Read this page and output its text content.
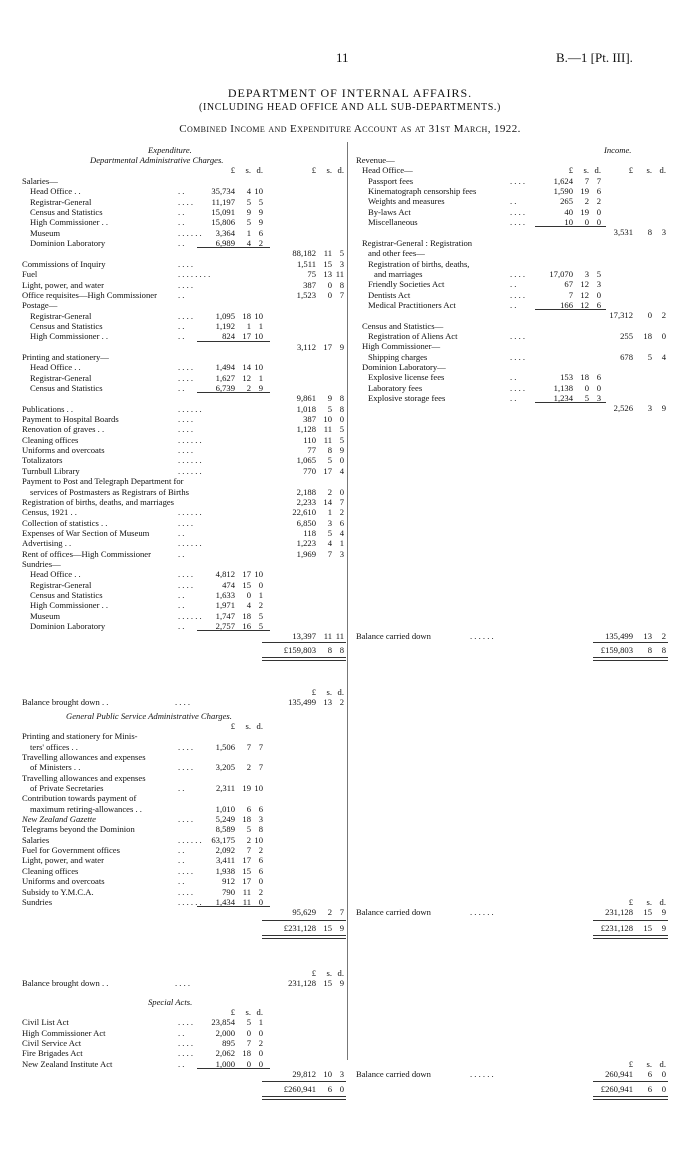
11	B.—1 [Pt. III].
DEPARTMENT OF INTERNAL AFFAIRS.
(INCLUDING HEAD OFFICE AND ALL SUB-DEPARTMENTS.)
Combined Income and Expenditure Account as at 31st March, 1922.
Expenditure.
Departmental Administrative Charges.
£ s. d.	£ s. d.
Salaries—
Head Office . .	. .	35,734 4 10
Registrar-General	. . . . 11,197 5 5
Census and Statistics	. .	15,091 9 9
High Commissioner . .	. .	15,806 5 9
Museum	. . . . . . 3,364 1 6
Dominion Laboratory	. .	6,989 4 2
88,182 11 5
Commissions of Inquiry	. . . .	1,511 15 3
Fuel	. . . . . . . .	75 13 11
Light, power, and water	. . . .	387 0 8
Office requisites—High Commissioner . .	1,523 0 7
Postage—
Registrar-General	. . . .	1,095 18 10
Census and Statistics	. .	1,192 1 1
High Commissioner . .	. .	824 17 10
3,112 17 9
Printing and stationery—
Head Office . .	. . . .	1,494 14 10
Registrar-General	. . . .	1,627 12 1
Census and Statistics	. .	6,739 2 9
9,861 9 8
Publications . .	. . . . . .	1,018 5 8
Payment to Hospital Boards	. . . .	387 10 0
Renovation of graves . .	. . . .	1,128 11 5
Cleaning offices	. . . . . .	110 11 5
Uniforms and overcoats	. . . .	77 8 9
Totalizators	. . . . . .	1,065 5 0
Turnbull Library	. . . . . .	770 17 4
Payment to Post and Telegraph Department for
services of Postmasters as Registrars of Births	2,188 2 0
Registration of births, deaths, and marriages	2,233 14 7
Census, 1921 . .	. . . . . .	22,610 1 2
Collection of statistics . .	. . . .	6,850 3 6
Expenses of War Section of Museum	. .	118 5 4
Advertising . .	. . . . . .	1,223 4 1
Rent of offices—High Commissioner	. .	1,969 7 3
Sundries—
Head Office . .	. . . .	4,812 17 10
Registrar-General	. . . .	474 15 0
Census and Statistics	. .	1,633 0 1
High Commissioner . .	. .	1,971 4 2
Museum	. . . . . . 1,747 18 5
Dominion Laboratory	. .	2,757 16 5
13,397 11 11
Income.
£ s. d.	£ s. d.
Revenue—
Head Office—
Passport fees	. . . .	1,624 7 7
Kinematograph censorship fees	1,590 19 6
Weights and measures	. .	265 2 2
By-laws Act	. . . .	40 19 0
Miscellaneous	. . . .	10 0 0
3,531 8 3
Registrar-General : Registration
and other fees—
Registration of births, deaths,
and marriages	. . . .	17,070 3 5
Friendly Societies Act	. .	67 12 3
Dentists Act	. . . .	7 12 0
Medical Practitioners Act	. .	166 12 6
17,312 0 2
Census and Statistics—
Registration of Aliens Act	. . . .	255 18 0
High Commissioner—
Shipping charges	. . . .	678 5 4
Dominion Laboratory—
Explosive license fees	. .	153 18 6
Laboratory fees	. . . .	1,138 0 0
Explosive storage fees	. .	1,234 5 3
2,526 3 9
Balance carried down	. . . . . .	135,499 13 2
£159,803 8 8	£159,803 8 8
£ s. d.
Balance brought down . .	. . . .	135,499 13 2
General Public Service Administrative Charges.
£ s. d.
Printing and stationery for Minis-
ters' offices . .	. . . .	1,506 7 7
Travelling allowances and expenses
of Ministers . .	. . . .	3,205 2 7
Travelling allowances and expenses
of Private Secretaries	. .	2,311 19 10
Contribution towards payment of
maximum retiring-allowances . .	1,010 6 6
New Zealand Gazette	. . . .	5,249 18 3
Telegrams beyond the Dominion	8,589 5 8
Salaries	. . . . . . 63,175 2 10
Fuel for Government offices	. .	2,092 7 2
Light, power, and water	. .	3,411 17 6
Cleaning offices	. . . .	1,938 15 6
Uniforms and overcoats	. .	912 17 0
Subsidy to Y.M.C.A.	. . . .	790 11 2
Sundries	. . . . . . 1,434 11 0
95,629 2 7
£ s. d.
Balance carried down	. . . . . .	231,128 15 9
£231,128 15 9	£231,128 15 9
£ s. d.
Balance brought down . .	. . . .	231,128 15 9
Special Acts.
£ s. d.
Civil List Act	. . . . 23,854 5 1
High Commissioner Act	. .	2,000 0 0
Civil Service Act	. . . .	895 7 2
Fire Brigades Act	. . . .	2,062 18 0
New Zealand Institute Act	. .	1,000 0 0
29,812 10 3
£ s. d.
Balance carried down	. . . . . .	260,941 6 0
£260,941 6 0	£260,941 6 0
